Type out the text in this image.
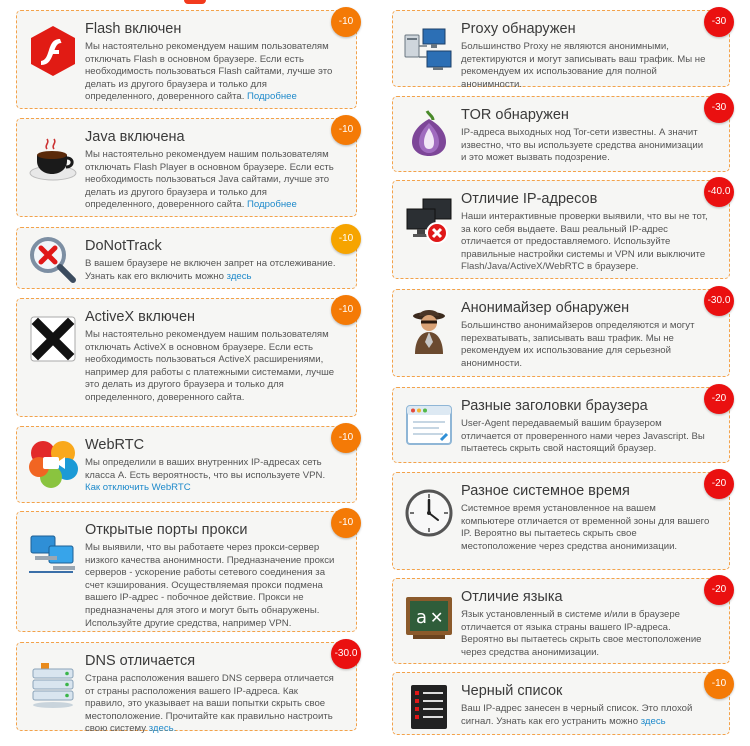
Flash включен
Мы настоятельно рекомендуем нашим пользователям отключать Flash в основном браузере. Если есть необходимость пользоваться Flash сайтами, лучше это делать из другого браузера и только для определенного, доверенного сайта. Подробнее
-10
Java включена
Мы настоятельно рекомендуем нашим пользователям отключать Flash Player в основном браузере. Если есть необходимость пользоваться Java сайтами, лучше это делать из другого браузера и только для определенного, доверенного сайта. Подробнее
-10
DoNotTrack
В вашем браузере не включен запрет на отслеживание. Узнать как его включить можно здесь
-10
ActiveX включен
Мы настоятельно рекомендуем нашим пользователям отключать ActiveX в основном браузере. Если есть необходимость пользоваться ActiveX расширениями, например для работы с платежными системами, лучше это делать из другого браузера и только для определенного, доверенного сайта.
-10
WebRTC
Мы определили в ваших внутренних IP-адресах сеть класса А. Есть вероятность, что вы используете VPN. Как отключить WebRTC
-10
Открытые порты прокси
Мы выявили, что вы работаете через прокси-сервер низкого качества анонимности. Предназначение прокси серверов - ускорение работы сетевого соединения за счет кэширования. Осуществляемая прокси подмена вашего IP-адрес - побочное действие. Прокси не предназначены для этого и могут быть обнаружены. Используйте другие средства, например VPN.
-10
DNS отличается
Страна расположения вашего DNS сервера отличается от страны расположения вашего IP-адреса. Как правило, это указывает на ваши попытки скрыть свое местоположение. Прочитайте как правильно настроить свою систему здесь.
-30.0
Proxy обнаружен
Большинство Proxy не являются анонимными, детектируются и могут записывать ваш трафик. Мы не рекомендуем их использование для полной анонимности.
-30
TOR обнаружен
IP-адреса выходных нод Tor-сети известны. А значит известно, что вы используете средства анонимизации и это может вызвать подозрение.
-30
Отличие IP-адресов
Наши интерактивные проверки выявили, что вы не тот, за кого себя выдаете. Ваш реальный IP-адрес отличается от предоставляемого. Используйте правильные настройки системы и VPN или выключите Flash/Java/ActiveX/WebRTC в браузере.
-40.0
Анонимайзер обнаружен
Большинство анонимайзеров определяются и могут перехватывать, записывать ваш трафик. Мы не рекомендуем их использование для серьезной анонимности.
-30.0
Разные заголовки браузера
User-Agent передаваемый вашим браузером отличается от проверенного нами через Javascript. Вы пытаетесь скрыть свой настоящий браузер.
-20
Разное системное время
Системное время установленное на вашем компьютере отличается от временной зоны для вашего IP. Вероятно вы пытаетесь скрыть свое местоположение через средства анонимизации.
-20
a ✕
Отличие языка
Язык установленный в системе и/или в браузере отличается от языка страны вашего IP-адреса. Вероятно вы пытаетесь скрыть свое местоположение через средства анонимизации.
-20
Черный список
Ваш IP-адрес занесен в черный список. Это плохой сигнал. Узнать как его устранить можно здесь
-10
